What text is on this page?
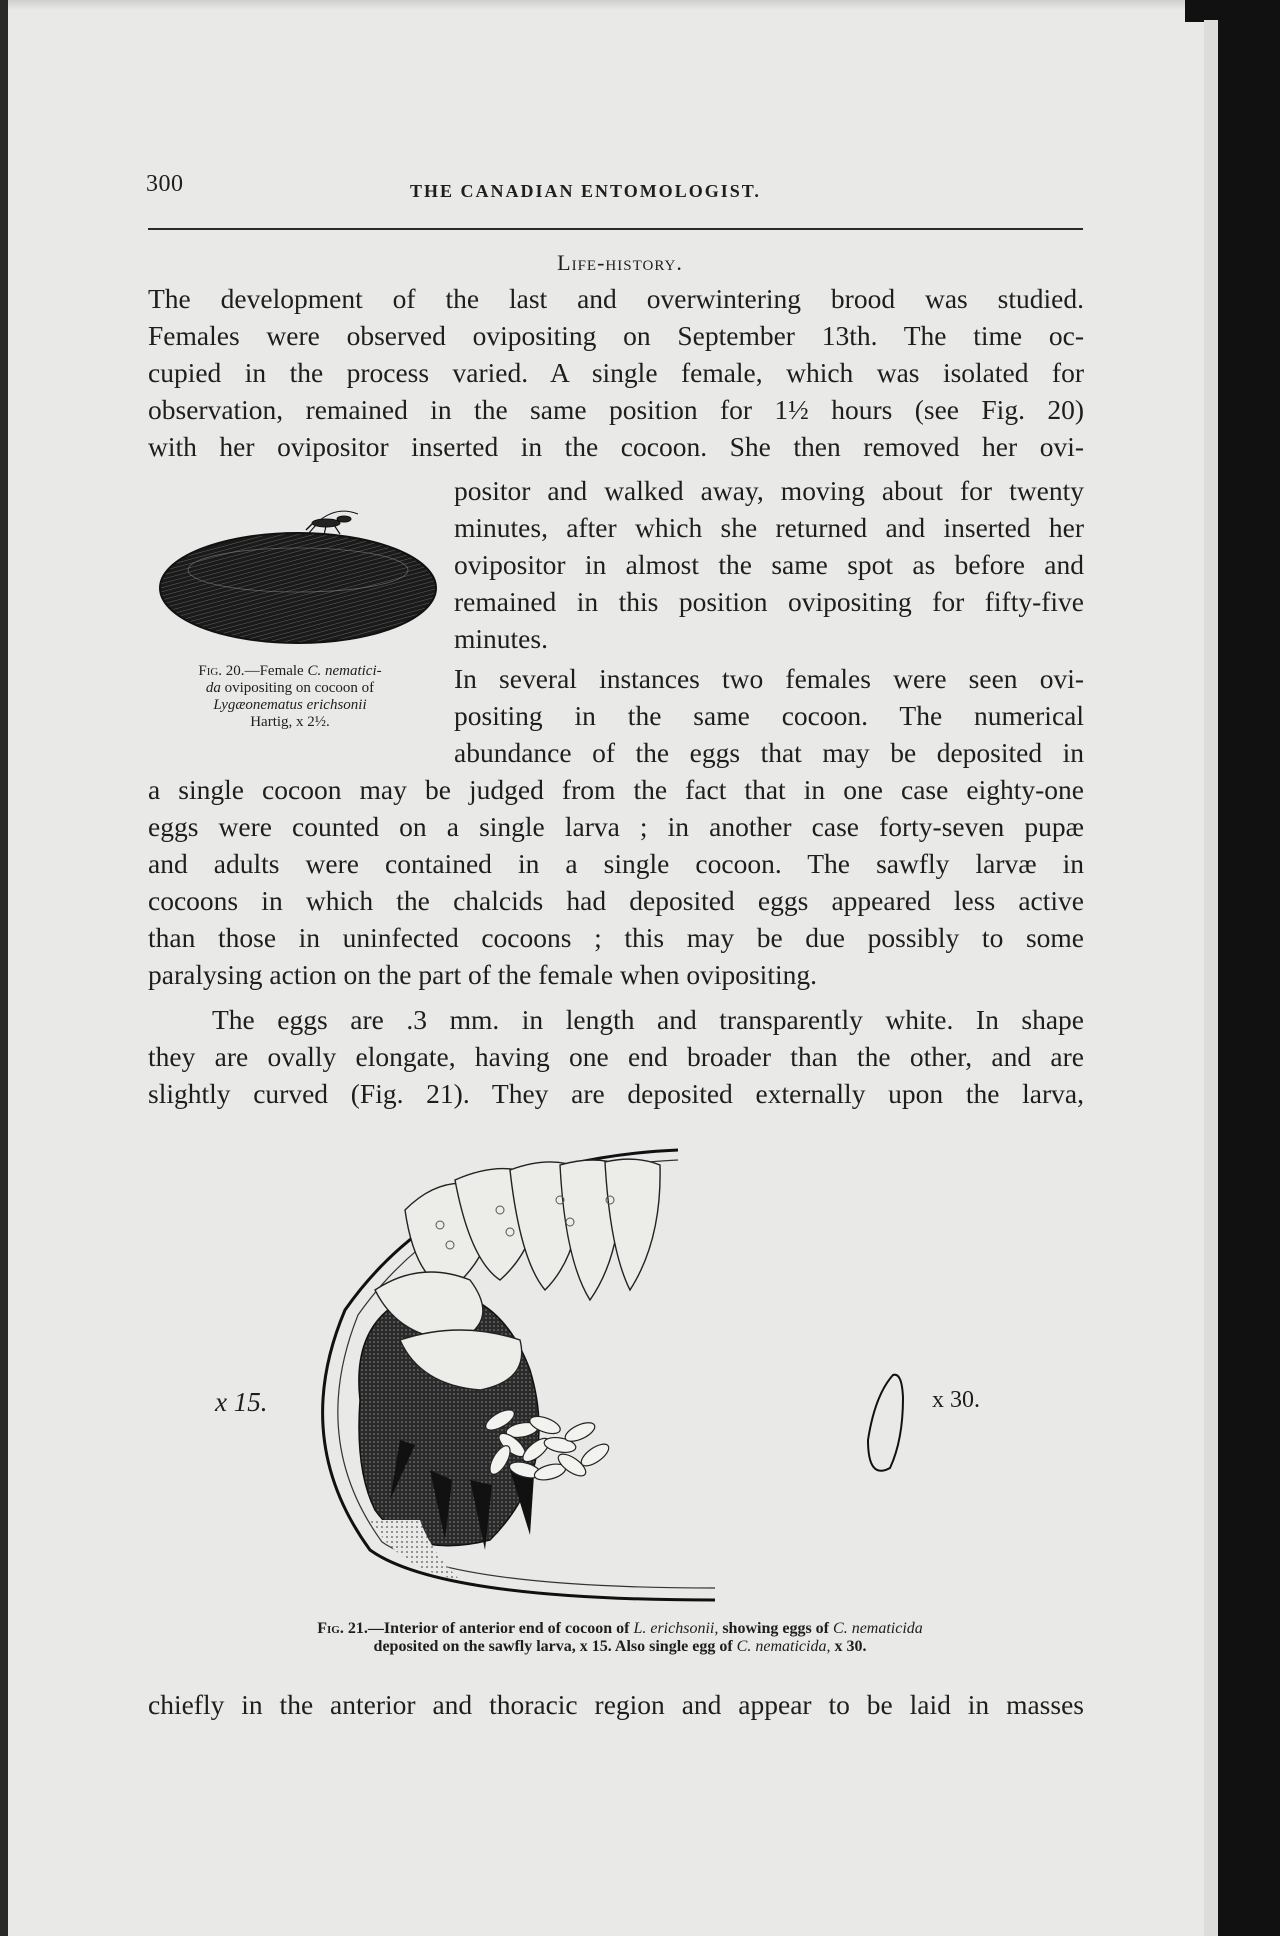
300	THE CANADIAN ENTOMOLOGIST.
Life-history.

The development of the last and overwintering brood was studied.

Females were observed ovipositing on September 13th. The time oc-

cupied in the process varied. A single female, which was isolated for

observation, remained in the same position for 1½ hours (see Fig. 20)

with her ovipositor inserted in the cocoon. She then removed her ovi-

positor and walked away, moving about for twenty

minutes, after which she returned and inserted her

ovipositor in almost the same spot as before and

remained in this position ovipositing for fifty-five

minutes.

Fig. 20.—Female C. nematici-
da ovipositing on cocoon of
Lygæonematus erichsonii
Hartig, x 2½.

In several instances two females were seen ovi-

positing in the same cocoon. The numerical

abundance of the eggs that may be deposited in

a single cocoon may be judged from the fact that in one case eighty-one

eggs were counted on a single larva ; in another case forty-seven pupæ

and adults were contained in a single cocoon. The sawfly larvæ in

cocoons in which the chalcids had deposited eggs appeared less active

than those in uninfected cocoons ; this may be due possibly to some

paralysing action on the part of the female when ovipositing.

The eggs are .3 mm. in length and transparently white. In shape

they are ovally elongate, having one end broader than the other, and are

slightly curved (Fig. 21). They are deposited externally upon the larva,

x 15.	x 30.
Fig. 21.—Interior of anterior end of cocoon of L. erichsonii, showing eggs of C. nematicida
deposited on the sawfly larva, x 15. Also single egg of C. nematicida, x 30.

chiefly in the anterior and thoracic region and appear to be laid in masses
